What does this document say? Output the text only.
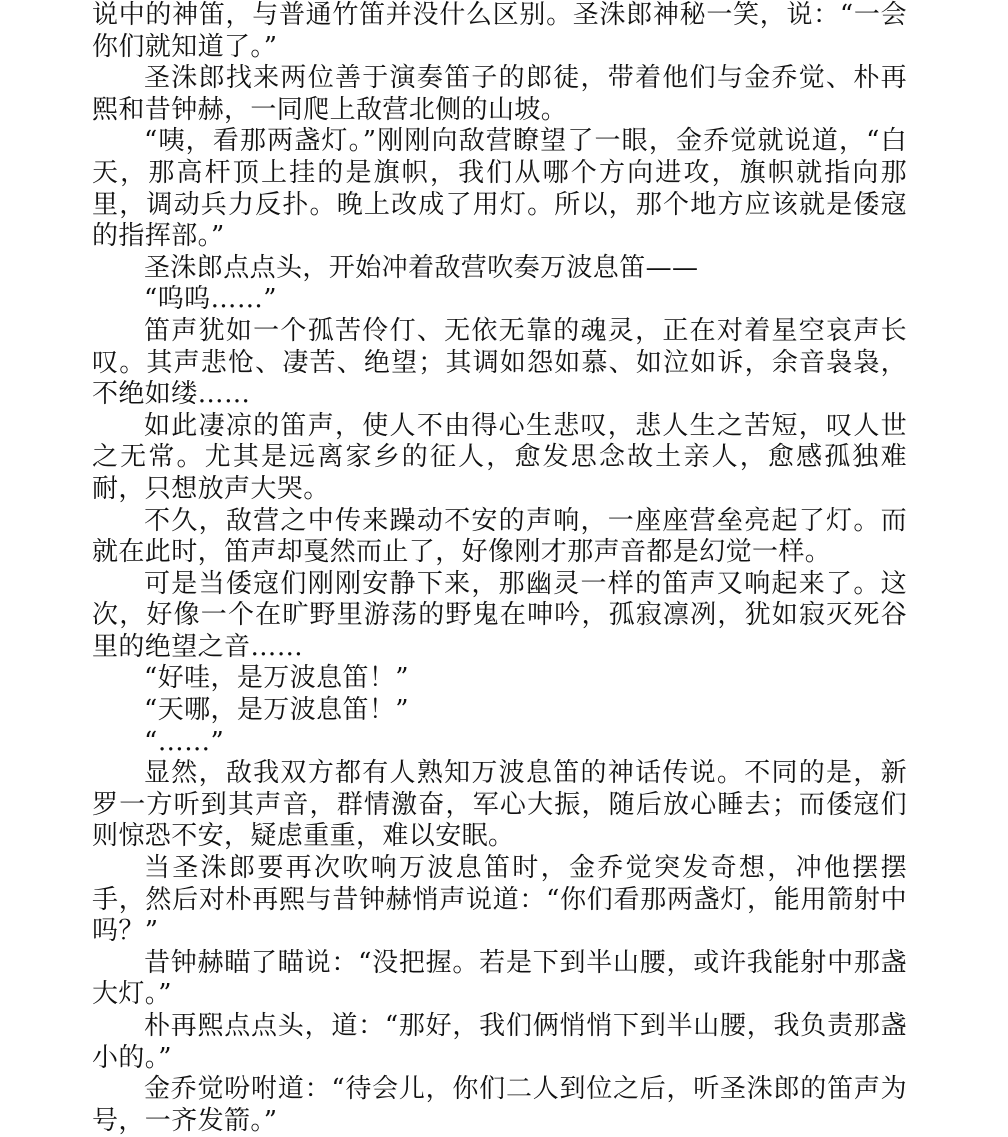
说中的神笛，与普通竹笛并没什么区别。圣洙郎神秘一笑，说：“一会你们就知道了。”

圣洙郎找来两位善于演奏笛子的郎徒，带着他们与金乔觉、朴再熙和昔钟赫，一同爬上敌营北侧的山坡。

“咦，看那两盏灯。”刚刚向敌营瞭望了一眼，金乔觉就说道，“白天，那高杆顶上挂的是旗帜，我们从哪个方向进攻，旗帜就指向那里，调动兵力反扑。晚上改成了用灯。所以，那个地方应该就是倭寇的指挥部。”

圣洙郎点点头，开始冲着敌营吹奏万波息笛——

“呜呜……”

笛声犹如一个孤苦伶仃、无依无靠的魂灵，正在对着星空哀声长叹。其声悲怆、凄苦、绝望；其调如怨如慕、如泣如诉，余音袅袅，不绝如缕……

如此凄凉的笛声，使人不由得心生悲叹，悲人生之苦短，叹人世之无常。尤其是远离家乡的征人，愈发思念故土亲人，愈感孤独难耐，只想放声大哭。

不久，敌营之中传来躁动不安的声响，一座座营垒亮起了灯。而就在此时，笛声却戛然而止了，好像刚才那声音都是幻觉一样。

可是当倭寇们刚刚安静下来，那幽灵一样的笛声又响起来了。这次，好像一个在旷野里游荡的野鬼在呻吟，孤寂凛冽，犹如寂灭死谷里的绝望之音……

“好哇，是万波息笛！”

“天哪，是万波息笛！”

“……”

显然，敌我双方都有人熟知万波息笛的神话传说。不同的是，新罗一方听到其声音，群情激奋，军心大振，随后放心睡去；而倭寇们则惊恐不安，疑虑重重，难以安眠。

当圣洙郎要再次吹响万波息笛时，金乔觉突发奇想，冲他摆摆手，然后对朴再熙与昔钟赫悄声说道：“你们看那两盏灯，能用箭射中吗？”

昔钟赫瞄了瞄说：“没把握。若是下到半山腰，或许我能射中那盏大灯。”

朴再熙点点头，道：“那好，我们俩悄悄下到半山腰，我负责那盏小的。”

金乔觉吩咐道：“待会儿，你们二人到位之后，听圣洙郎的笛声为号，一齐发箭。”
